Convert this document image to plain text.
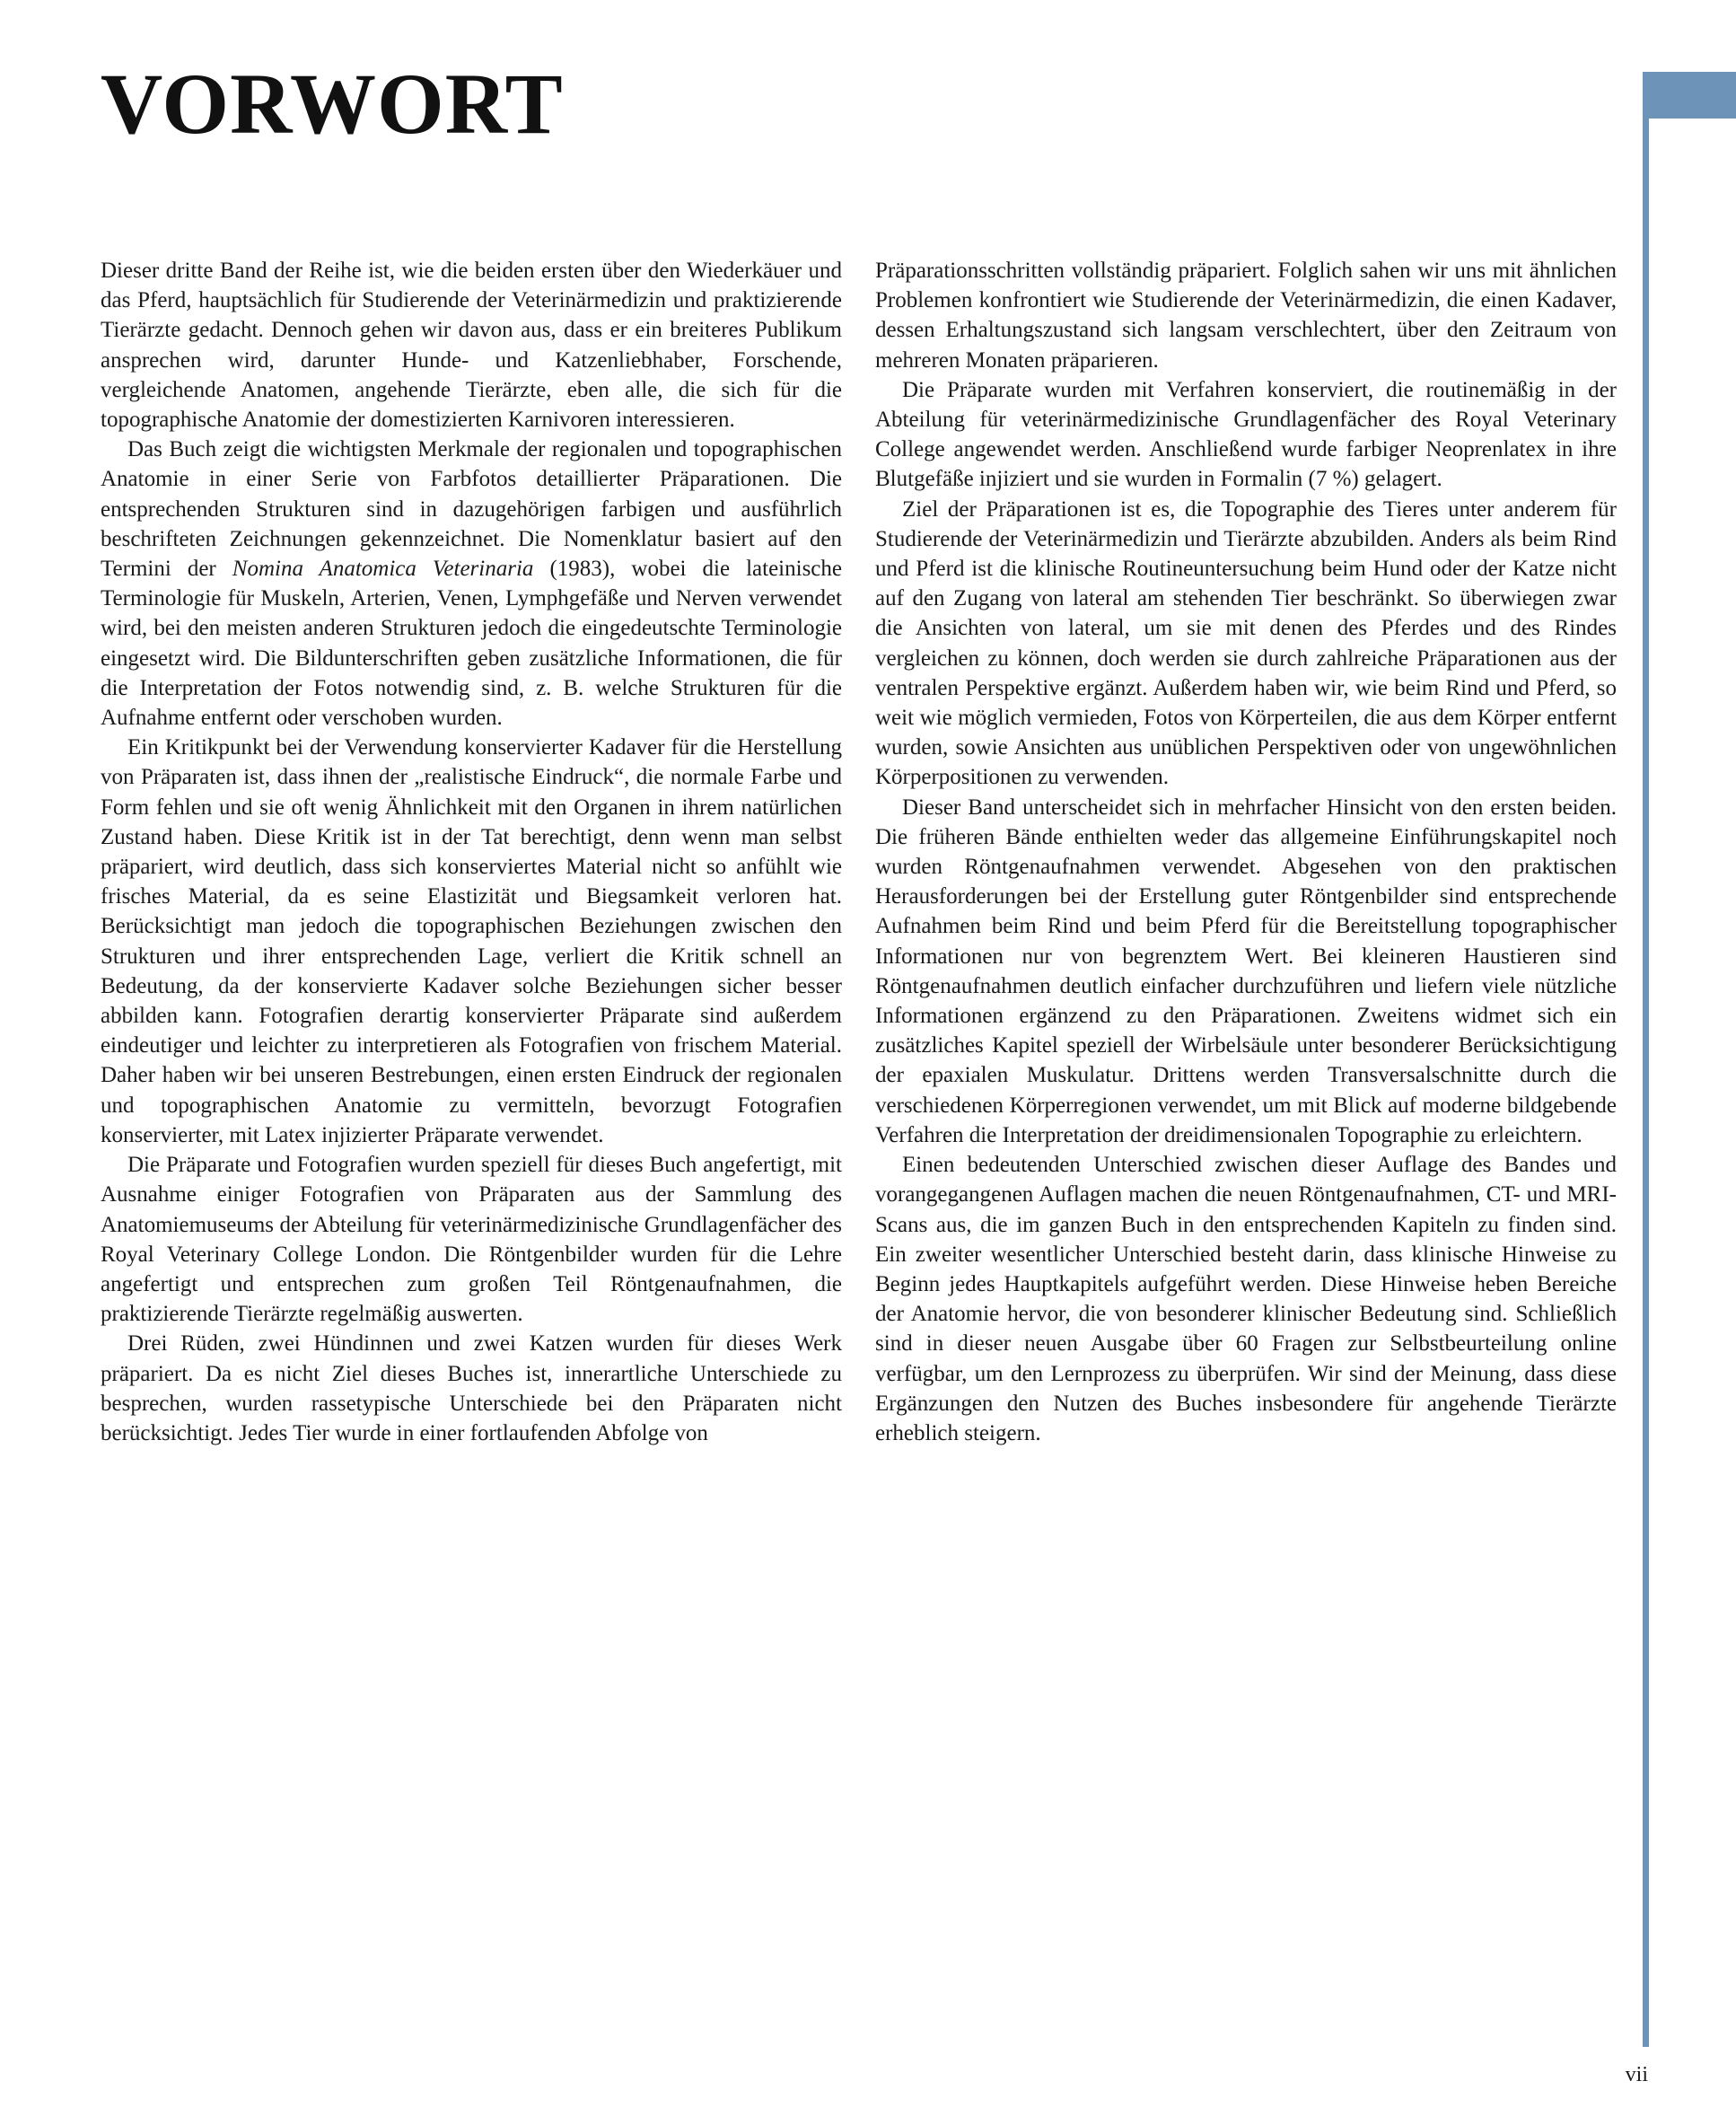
VORWORT

Dieser dritte Band der Reihe ist, wie die beiden ersten über den Wiederkäuer und das Pferd, hauptsächlich für Studierende der Veterinärmedizin und praktizierende Tierärzte gedacht. Dennoch gehen wir davon aus, dass er ein breiteres Publikum ansprechen wird, darunter Hunde- und Katzenliebhaber, Forschende, vergleichende Anatomen, angehende Tierärzte, eben alle, die sich für die topographische Anatomie der domestizierten Karnivoren interessieren.

Das Buch zeigt die wichtigsten Merkmale der regionalen und topographischen Anatomie in einer Serie von Farbfotos detaillierter Präparationen. Die entsprechenden Strukturen sind in dazugehörigen farbigen und ausführlich beschrifteten Zeichnungen gekennzeichnet. Die Nomenklatur basiert auf den Termini der Nomina Anatomica Veterinaria (1983), wobei die lateinische Terminologie für Muskeln, Arterien, Venen, Lymphgefäße und Nerven verwendet wird, bei den meisten anderen Strukturen jedoch die eingedeutschte Terminologie eingesetzt wird. Die Bildunterschriften geben zusätzliche Informationen, die für die Interpretation der Fotos notwendig sind, z. B. welche Strukturen für die Aufnahme entfernt oder verschoben wurden.

Ein Kritikpunkt bei der Verwendung konservierter Kadaver für die Herstellung von Präparaten ist, dass ihnen der „realistische Eindruck“, die normale Farbe und Form fehlen und sie oft wenig Ähnlichkeit mit den Organen in ihrem natürlichen Zustand haben. Diese Kritik ist in der Tat berechtigt, denn wenn man selbst präpariert, wird deutlich, dass sich konserviertes Material nicht so anfühlt wie frisches Material, da es seine Elastizität und Biegsamkeit verloren hat. Berücksichtigt man jedoch die topographischen Beziehungen zwischen den Strukturen und ihrer entsprechenden Lage, verliert die Kritik schnell an Bedeutung, da der konservierte Kadaver solche Beziehungen sicher besser abbilden kann. Fotografien derartig konservierter Präparate sind außerdem eindeutiger und leichter zu interpretieren als Fotografien von frischem Material. Daher haben wir bei unseren Bestrebungen, einen ersten Eindruck der regionalen und topographischen Anatomie zu vermitteln, bevorzugt Fotografien konservierter, mit Latex injizierter Präparate verwendet.

Die Präparate und Fotografien wurden speziell für dieses Buch angefertigt, mit Ausnahme einiger Fotografien von Präparaten aus der Sammlung des Anatomiemuseums der Abteilung für veterinärmedizinische Grundlagenfächer des Royal Veterinary College London. Die Röntgenbilder wurden für die Lehre angefertigt und entsprechen zum großen Teil Röntgenaufnahmen, die praktizierende Tierärzte regelmäßig auswerten.

Drei Rüden, zwei Hündinnen und zwei Katzen wurden für dieses Werk präpariert. Da es nicht Ziel dieses Buches ist, innerartliche Unterschiede zu besprechen, wurden rassetypische Unterschiede bei den Präparaten nicht berücksichtigt. Jedes Tier wurde in einer fortlaufenden Abfolge von

Präparationsschritten vollständig präpariert. Folglich sahen wir uns mit ähnlichen Problemen konfrontiert wie Studierende der Veterinärmedizin, die einen Kadaver, dessen Erhaltungszustand sich langsam verschlechtert, über den Zeitraum von mehreren Monaten präparieren.

Die Präparate wurden mit Verfahren konserviert, die routinemäßig in der Abteilung für veterinärmedizinische Grundlagenfächer des Royal Veterinary College angewendet werden. Anschließend wurde farbiger Neoprenlatex in ihre Blutgefäße injiziert und sie wurden in Formalin (7 %) gelagert.

Ziel der Präparationen ist es, die Topographie des Tieres unter anderem für Studierende der Veterinärmedizin und Tierärzte abzubilden. Anders als beim Rind und Pferd ist die klinische Routineuntersuchung beim Hund oder der Katze nicht auf den Zugang von lateral am stehenden Tier beschränkt. So überwiegen zwar die Ansichten von lateral, um sie mit denen des Pferdes und des Rindes vergleichen zu können, doch werden sie durch zahlreiche Präparationen aus der ventralen Perspektive ergänzt. Außerdem haben wir, wie beim Rind und Pferd, so weit wie möglich vermieden, Fotos von Körperteilen, die aus dem Körper entfernt wurden, sowie Ansichten aus unüblichen Perspektiven oder von ungewöhnlichen Körperpositionen zu verwenden.

Dieser Band unterscheidet sich in mehrfacher Hinsicht von den ersten beiden. Die früheren Bände enthielten weder das allgemeine Einführungskapitel noch wurden Röntgenaufnahmen verwendet. Abgesehen von den praktischen Herausforderungen bei der Erstellung guter Röntgenbilder sind entsprechende Aufnahmen beim Rind und beim Pferd für die Bereitstellung topographischer Informationen nur von begrenztem Wert. Bei kleineren Haustieren sind Röntgenaufnahmen deutlich einfacher durchzuführen und liefern viele nützliche Informationen ergänzend zu den Präparationen. Zweitens widmet sich ein zusätzliches Kapitel speziell der Wirbelsäule unter besonderer Berücksichtigung der epaxialen Muskulatur. Drittens werden Transversalschnitte durch die verschiedenen Körperregionen verwendet, um mit Blick auf moderne bildgebende Verfahren die Interpretation der dreidimensionalen Topographie zu erleichtern.

Einen bedeutenden Unterschied zwischen dieser Auflage des Bandes und vorangegangenen Auflagen machen die neuen Röntgenaufnahmen, CT- und MRI-Scans aus, die im ganzen Buch in den entsprechenden Kapiteln zu finden sind. Ein zweiter wesentlicher Unterschied besteht darin, dass klinische Hinweise zu Beginn jedes Hauptkapitels aufgeführt werden. Diese Hinweise heben Bereiche der Anatomie hervor, die von besonderer klinischer Bedeutung sind. Schließlich sind in dieser neuen Ausgabe über 60 Fragen zur Selbstbeurteilung online verfügbar, um den Lernprozess zu überprüfen. Wir sind der Meinung, dass diese Ergänzungen den Nutzen des Buches insbesondere für angehende Tierärzte erheblich steigern.

vii
